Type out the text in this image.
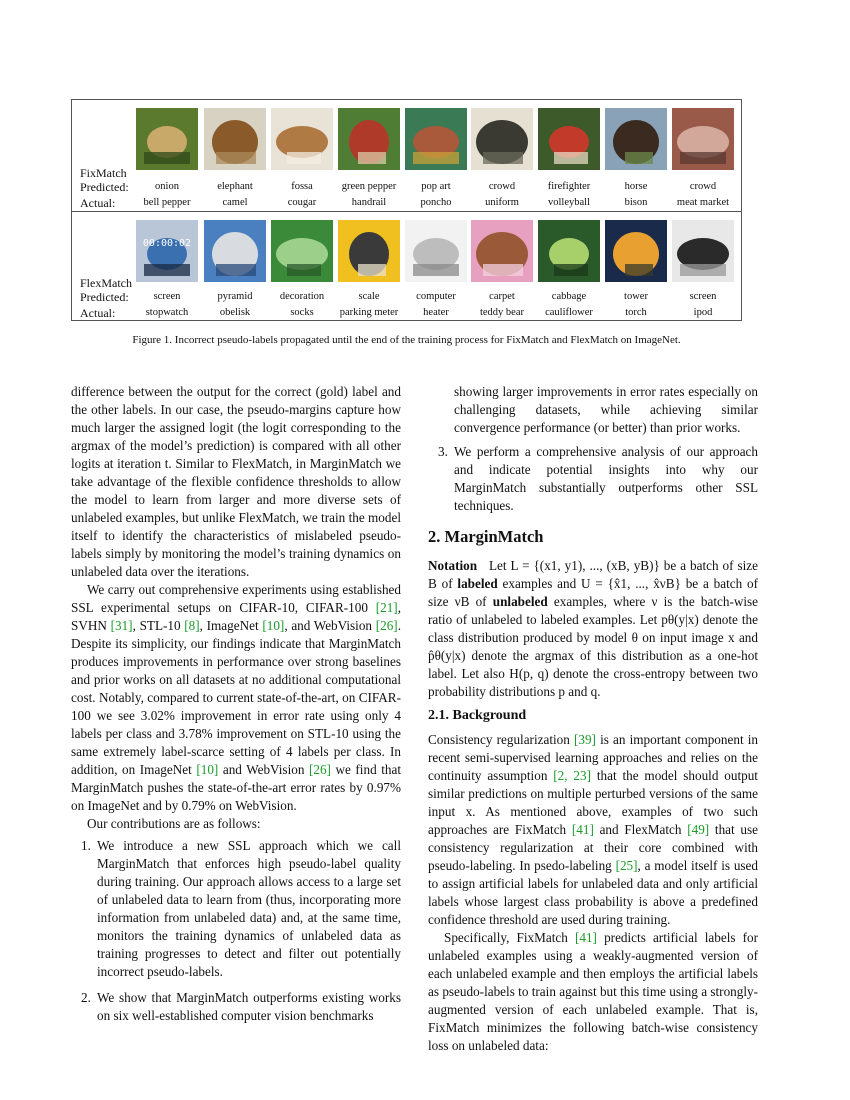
FixMatch
Predicted:
Actual:
onion
bell pepper
elephant
camel
fossa
cougar
green pepper
handrail
pop art
poncho
crowd
uniform
firefighter
volleyball
horse
bison
crowd
meat market
FlexMatch
Predicted:
Actual:
00:00:02
screen
stopwatch
pyramid
obelisk
decoration
socks
scale
parking meter
computer
heater
carpet
teddy bear
cabbage
cauliflower
tower
torch
screen
ipod
Figure 1. Incorrect pseudo-labels propagated until the end of the training process for FixMatch and FlexMatch on ImageNet.

difference between the output for the correct (gold) label and the other labels. In our case, the pseudo-margins capture how much larger the assigned logit (the logit corresponding to the argmax of the model’s prediction) is compared with all other logits at iteration t. Similar to FlexMatch, in MarginMatch we take advantage of the flexible confidence thresholds to allow the model to learn from larger and more diverse sets of unlabeled examples, but unlike FlexMatch, we train the model itself to identify the characteristics of mislabeled pseudo-labels simply by monitoring the model’s training dynamics on unlabeled data over the iterations.

We carry out comprehensive experiments using established SSL experimental setups on CIFAR-10, CIFAR-100 [21], SVHN [31], STL-10 [8], ImageNet [10], and WebVision [26]. Despite its simplicity, our findings indicate that MarginMatch produces improvements in performance over strong baselines and prior works on all datasets at no additional computational cost. Notably, compared to current state-of-the-art, on CIFAR-100 we see 3.02% improvement in error rate using only 4 labels per class and 3.78% improvement on STL-10 using the same extremely label-scarce setting of 4 labels per class. In addition, on ImageNet [10] and WebVision [26] we find that MarginMatch pushes the state-of-the-art error rates by 0.97% on ImageNet and by 0.79% on WebVision.

Our contributions are as follows:

1. We introduce a new SSL approach which we call MarginMatch that enforces high pseudo-label quality during training. Our approach allows access to a large set of unlabeled data to learn from (thus, incorporating more information from unlabeled data) and, at the same time, monitors the training dynamics of unlabeled data as training progresses to detect and filter out potentially incorrect pseudo-labels.

2. We show that MarginMatch outperforms existing works on six well-established computer vision benchmarks

showing larger improvements in error rates especially on challenging datasets, while achieving similar convergence performance (or better) than prior works.

3. We perform a comprehensive analysis of our approach and indicate potential insights into why our MarginMatch substantially outperforms other SSL techniques.

2. MarginMatch

Notation Let L = {(x1, y1), ..., (xB, yB)} be a batch of size B of labeled examples and U = {x̂1, ..., x̂νB} be a batch of size νB of unlabeled examples, where ν is the batch-wise ratio of unlabeled to labeled examples. Let pθ(y|x) denote the class distribution produced by model θ on input image x and p̂θ(y|x) denote the argmax of this distribution as a one-hot label. Let also H(p, q) denote the cross-entropy between two probability distributions p and q.

2.1. Background

Consistency regularization [39] is an important component in recent semi-supervised learning approaches and relies on the continuity assumption [2, 23] that the model should output similar predictions on multiple perturbed versions of the same input x. As mentioned above, examples of two such approaches are FixMatch [41] and FlexMatch [49] that use consistency regularization at their core combined with pseudo-labeling. In psedo-labeling [25], a model itself is used to assign artificial labels for unlabeled data and only artificial labels whose largest class probability is above a predefined confidence threshold are used during training.

Specifically, FixMatch [41] predicts artificial labels for unlabeled examples using a weakly-augmented version of each unlabeled example and then employs the artificial labels as pseudo-labels to train against but this time using a strongly-augmented version of each unlabeled example. That is, FixMatch minimizes the following batch-wise consistency loss on unlabeled data:
